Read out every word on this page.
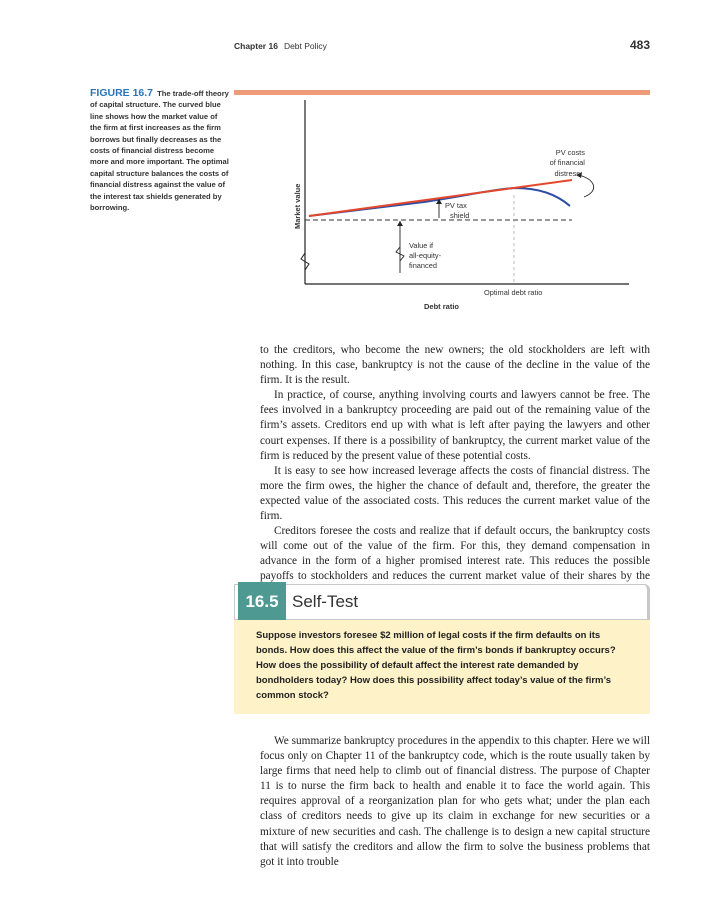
Chapter 16 Debt Policy	483
FIGURE 16.7 The trade-off theory of capital structure. The curved blue line shows how the market value of the firm at first increases as the firm borrows but finally decreases as the costs of financial distress become more and more important. The optimal capital structure balances the costs of financial distress against the value of the interest tax shields generated by borrowing.	Market value
Debt ratio
PV costs of financial distress
PV tax shield
Value if all-equity- financed
Optimal debt ratio

to the creditors, who become the new owners; the old stockholders are left with nothing. In this case, bankruptcy is not the cause of the decline in the value of the firm. It is the result.

In practice, of course, anything involving courts and lawyers cannot be free. The fees involved in a bankruptcy proceeding are paid out of the remaining value of the firm’s assets. Creditors end up with what is left after paying the lawyers and other court expenses. If there is a possibility of bankruptcy, the current market value of the firm is reduced by the present value of these potential costs.

It is easy to see how increased leverage affects the costs of financial distress. The more the firm owes, the higher the chance of default and, therefore, the greater the expected value of the associated costs. This reduces the current market value of the firm.

Creditors foresee the costs and realize that if default occurs, the bankruptcy costs will come out of the value of the firm. For this, they demand compensation in advance in the form of a higher promised interest rate. This reduces the possible payoffs to stockholders and reduces the current market value of their shares by the

16.5 Self-Test
Suppose investors foresee $2 million of legal costs if the firm defaults on its bonds. How does this affect the value of the firm’s bonds if bankruptcy occurs? How does the possibility of default affect the interest rate demanded by bondholders today? How does this possibility affect today’s value of the firm’s common stock?

We summarize bankruptcy procedures in the appendix to this chapter. Here we will focus only on Chapter 11 of the bankruptcy code, which is the route usually taken by large firms that need help to climb out of financial distress. The purpose of Chapter 11 is to nurse the firm back to health and enable it to face the world again. This requires approval of a reorganization plan for who gets what; under the plan each class of creditors needs to give up its claim in exchange for new securities or a mixture of new securities and cash. The challenge is to design a new capital structure that will satisfy the creditors and allow the firm to solve the business problems that got it into trouble
